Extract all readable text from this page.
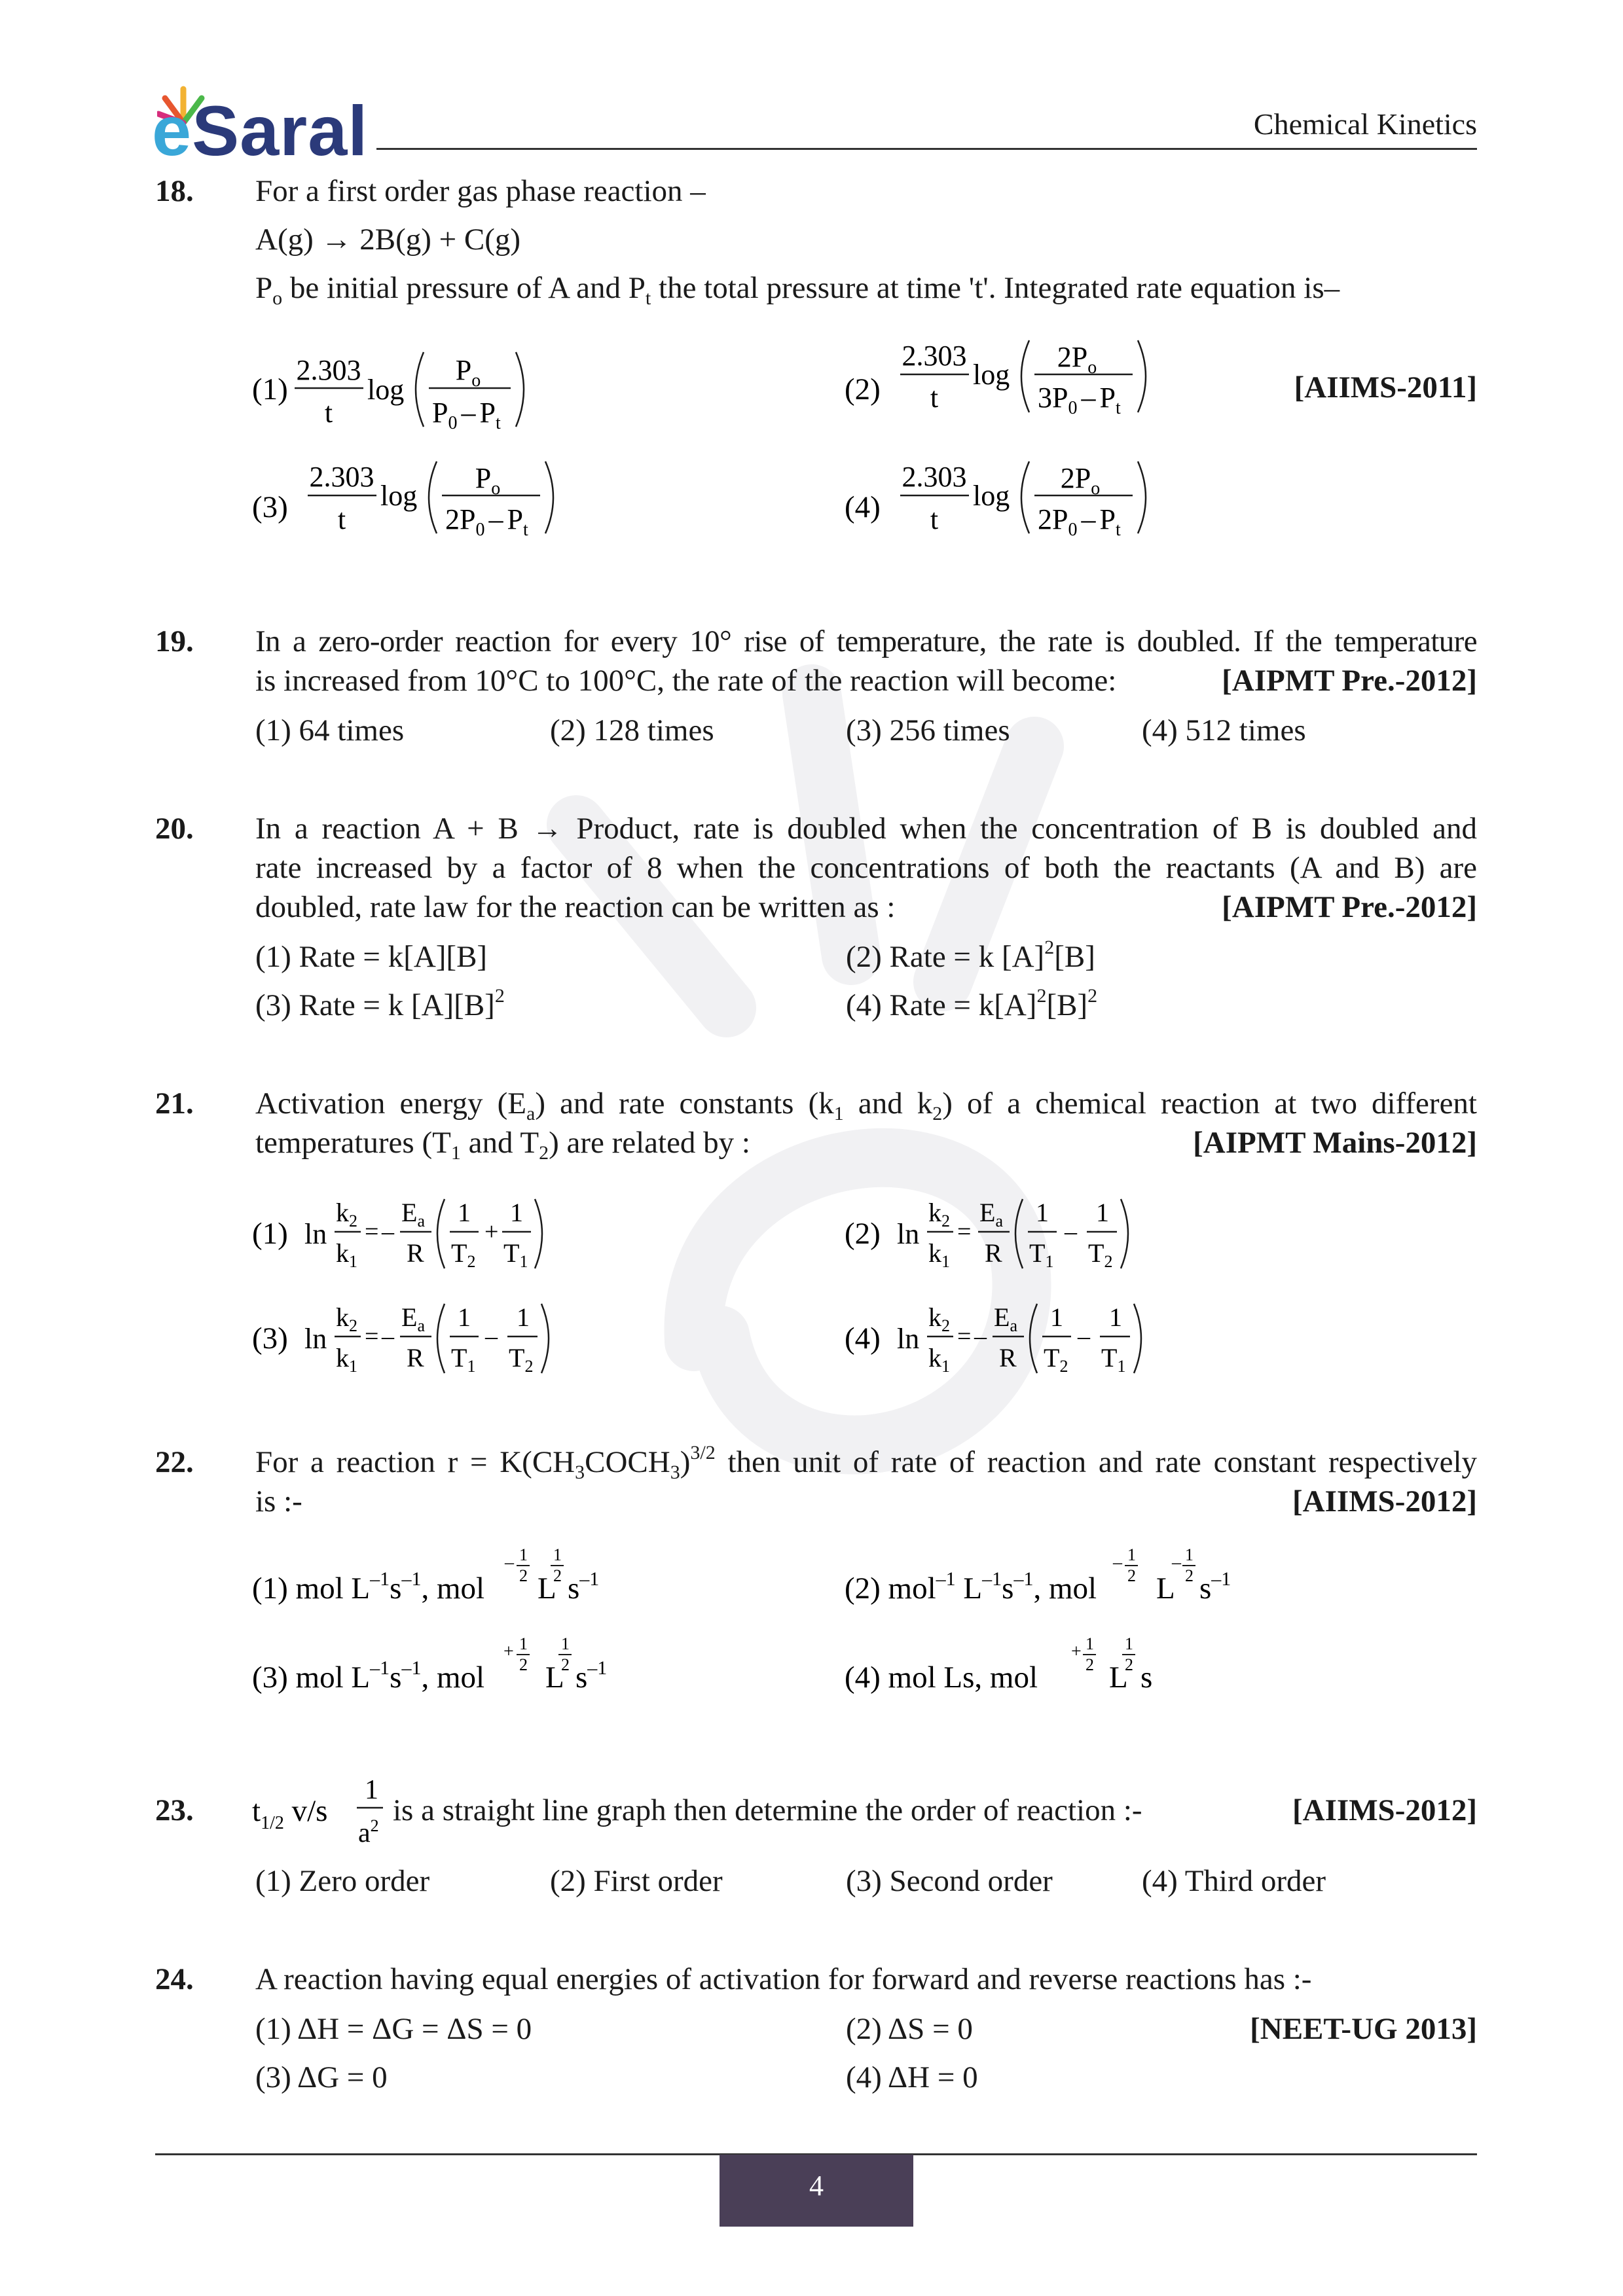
eSaral	Chemical Kinetics
18. For a first order gas phase reaction –
A(g) → 2B(g) + C(g)
$P_o$ be initial pressure of A and $P_t$ the total pressure at time 't'. Integrated rate equation is–
[AIIMS-2011]
(1)
2.303
t
log
$P_o$
$P_0 - P_t$
(2)
2.303
t
log
$2P_o$
$3P_0 - P_t$
(3)
2.303
t
log
$P_o$
$2P_0 - P_t$
(4)
2.303
t
log
$2P_o$
$2P_0 - P_t$
19. In a zero-order reaction for every 10° rise of temperature, the rate is doubled. If the temperature
is increased from 10°C to 100°C, the rate of the reaction will become:	[AIPMT Pre.-2012]
(1) 64 times	(2) 128 times	(3) 256 times	(4) 512 times
20. In a reaction A + B → Product, rate is doubled when the concentration of B is doubled and
rate increased by a factor of 8 when the concentrations of both the reactants (A and B) are
doubled, rate law for the reaction can be written as :	[AIPMT Pre.-2012]
(1) Rate = k[A][B]	(2) Rate = k $[A]^2[B]$
(3) Rate = k $[A][B]^2$	(4) Rate = $k[A]^2[B]^2$
21. Activation energy $(E_a)$ and rate constants ($k_1$ and $k_2$) of a chemical reaction at two different
temperatures ($T_1$ and $T_2$) are related by :	[AIPMT Mains-2012]
(1) ln
$k_2$
$k_1$
= –
$E_a$
R
1
$T_2$
+
1
$T_1$
(2) ln
$k_2$
$k_1$
=
$E_a$
R
1
$T_1$
–
1
$T_2$
(3) ln
$k_2$
$k_1$
= –
$E_a$
R
1
$T_1$
–
1
$T_2$
(4) ln
$k_2$
$k_1$
= –
$E_a$
R
1
$T_2$
–
1
$T_1$
22. For a reaction $r = K(CH_3COCH_3)^{3/2}$ then unit of rate of reaction and rate constant respectively
is :-	[AIIMS-2012]
(1) mol $L^{-1}s^{-1}$, mol
– 1
2 L
1
2 $s^{-1}$	(2) mol$^{-1}$ $L^{-1}s^{-1}$, mol
– 1
2 L
– 1
2 $s^{-1}$
(3) mol $L^{-1}s^{-1}$, mol
+ 1
2 L
1
2 $s^{-1}$	(4) mol Ls, mol
+ 1
2 L
1
2 s
23. $t_{1/2}$ v/s
1
$a^2$ is a straight line graph then determine the order of reaction :-	[AIIMS-2012]
(1) Zero order	(2) First order	(3) Second order	(4) Third order
24. A reaction having equal energies of activation for forward and reverse reactions has :-
(1) ΔH = ΔG = ΔS = 0	(2) ΔS = 0	[NEET-UG 2013]
(3) ΔG = 0	(4) ΔH = 0
4
